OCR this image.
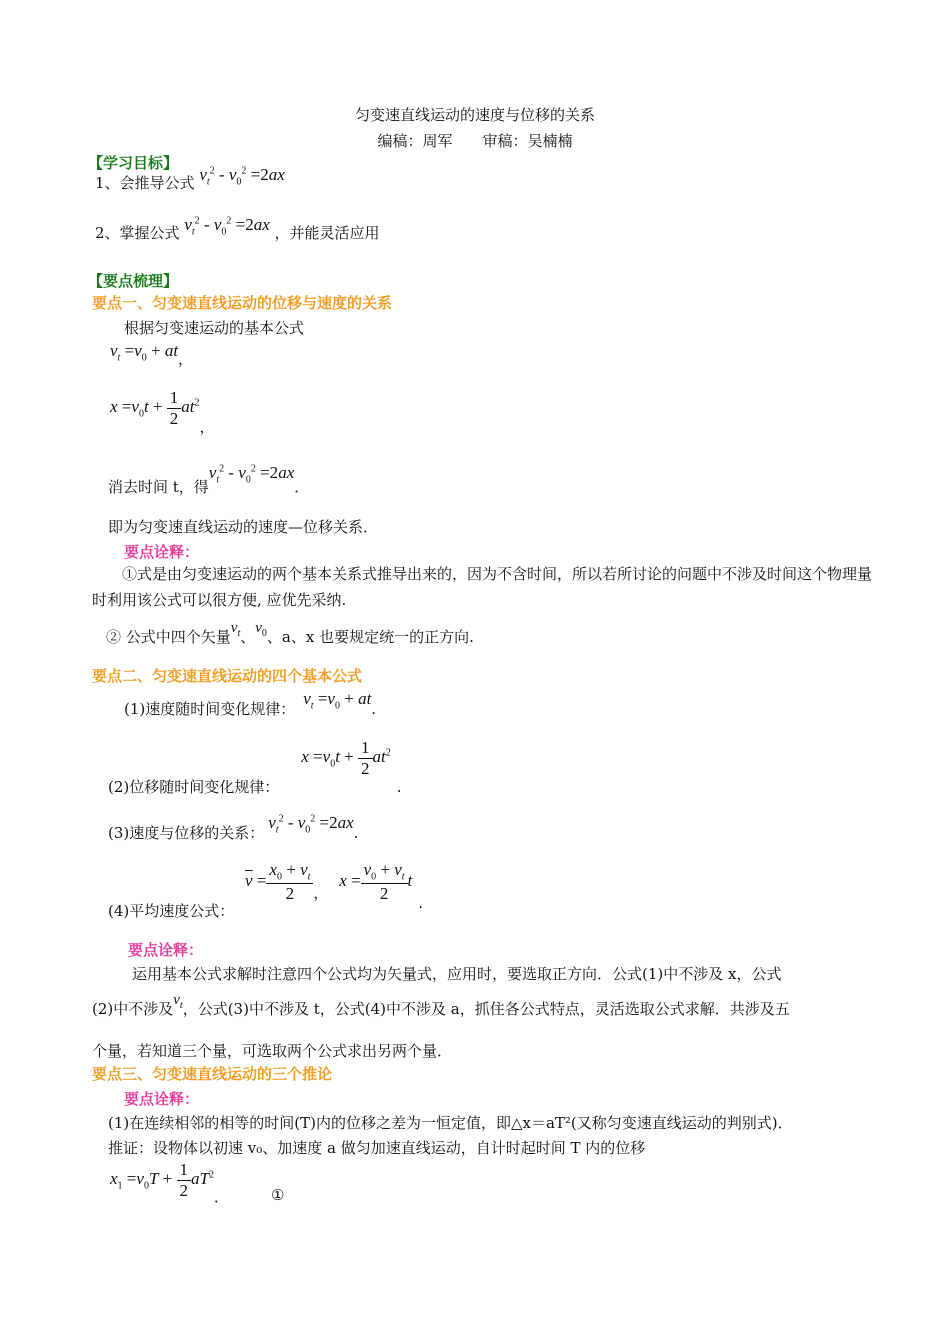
匀变速直线运动的速度与位移的关系
编稿：周军　　审稿：吴楠楠
【学习目标】
1、会推导公式 $v_t^2 - v_0^2 =2ax$
2、掌握公式 $v_t^2 - v_0^2 =2ax$ ，并能灵活应用
【要点梳理】
要点一、匀变速直线运动的位移与速度的关系
根据匀变速运动的基本公式
$v_t =v_0$ + at，
$x =v_0t + \frac{1}{2} at^2$，
消去时间 t，得$v_t^2 - v_0^2 =2ax$．
即为匀变速直线运动的速度—位移关系．
要点诠释：
①式是由匀变速运动的两个基本关系式推导出来的，因为不含时间，所以若所讨论的问题中不涉及时间这个物理量时利用该公式可以很方便, 应优先采纳.
② 公式中四个矢量$v_t$、$v_0$、a、x 也要规定统一的正方向.
要点二、匀变速直线运动的四个基本公式
(1)速度随时间变化规律：$v_t =v_0$ + at.
(2)位移随时间变化规律：$x =v_0t + \frac{1}{2} at^2$.
(3)速度与位移的关系：$v_t^2 - v_0^2 =2ax$.
(4)平均速度公式： $\overline{v} = \frac{x_0 + v_t}{2}$ ， $x = \frac{v_0 + v_t}{2} t$.
要点诠释：
运用基本公式求解时注意四个公式均为矢量式，应用时，要选取正方向．公式(1)中不涉及 x，公式
(2)中不涉及$v_t$，公式(3)中不涉及 t，公式(4)中不涉及 a，抓住各公式特点，灵活选取公式求解．共涉及五
个量，若知道三个量，可选取两个公式求出另两个量．
要点三、匀变速直线运动的三个推论
要点诠释：
(1)在连续相邻的相等的时间(T)内的位移之差为一恒定值，即△x＝aT²(又称匀变速直线运动的判别式)．
推证：设物体以初速 v₀、加速度 a 做匀加速直线运动，自计时起时间 T 内的位移
$x_1 =v_0T + \frac{1}{2} aT^2$．	①
